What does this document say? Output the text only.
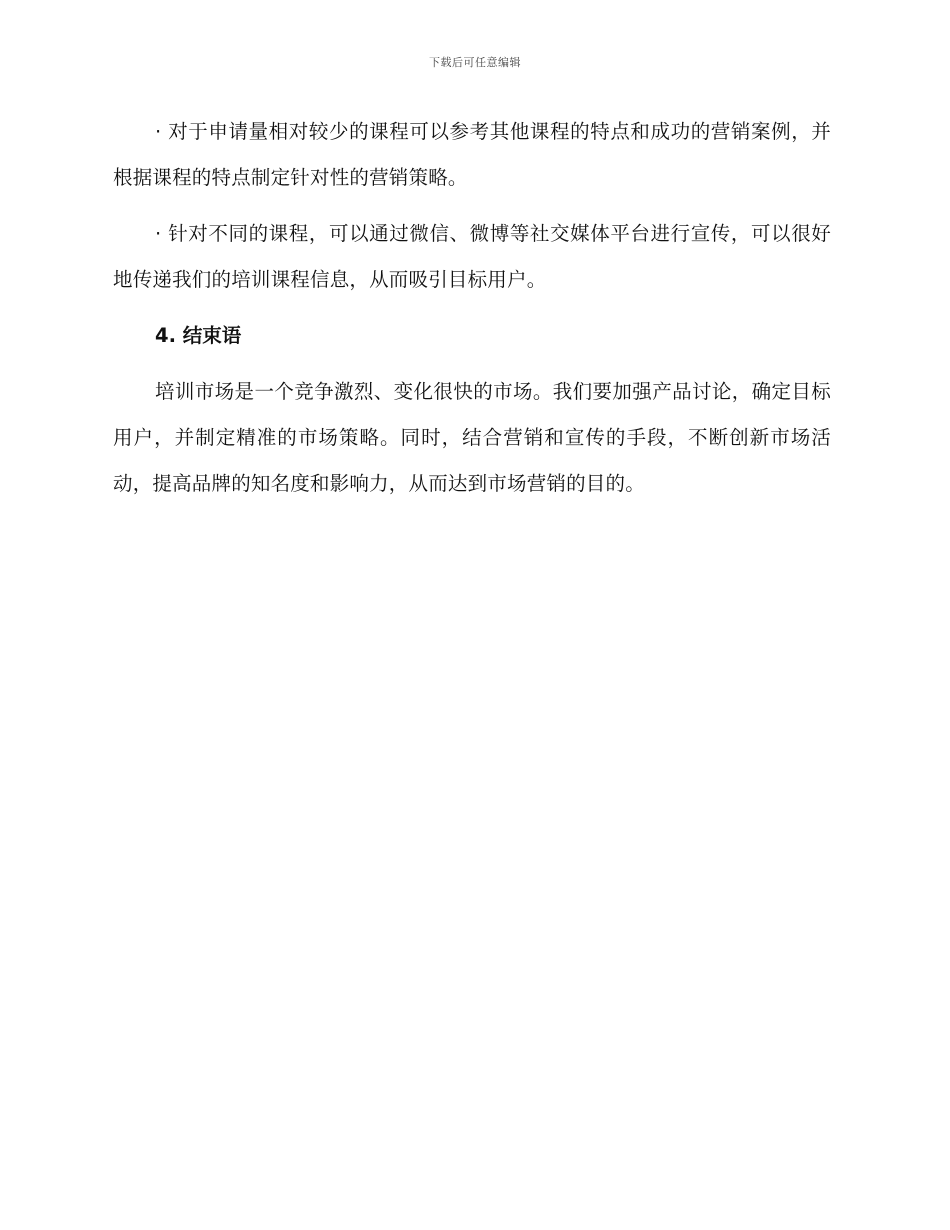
下载后可任意编辑

· 对于申请量相对较少的课程可以参考其他课程的特点和成功的营销案例，并根据课程的特点制定针对性的营销策略。

· 针对不同的课程，可以通过微信、微博等社交媒体平台进行宣传，可以很好地传递我们的培训课程信息，从而吸引目标用户。

4. 结束语

培训市场是一个竞争激烈、变化很快的市场。我们要加强产品讨论，确定目标用户，并制定精准的市场策略。同时，结合营销和宣传的手段，不断创新市场活动，提高品牌的知名度和影响力，从而达到市场营销的目的。
